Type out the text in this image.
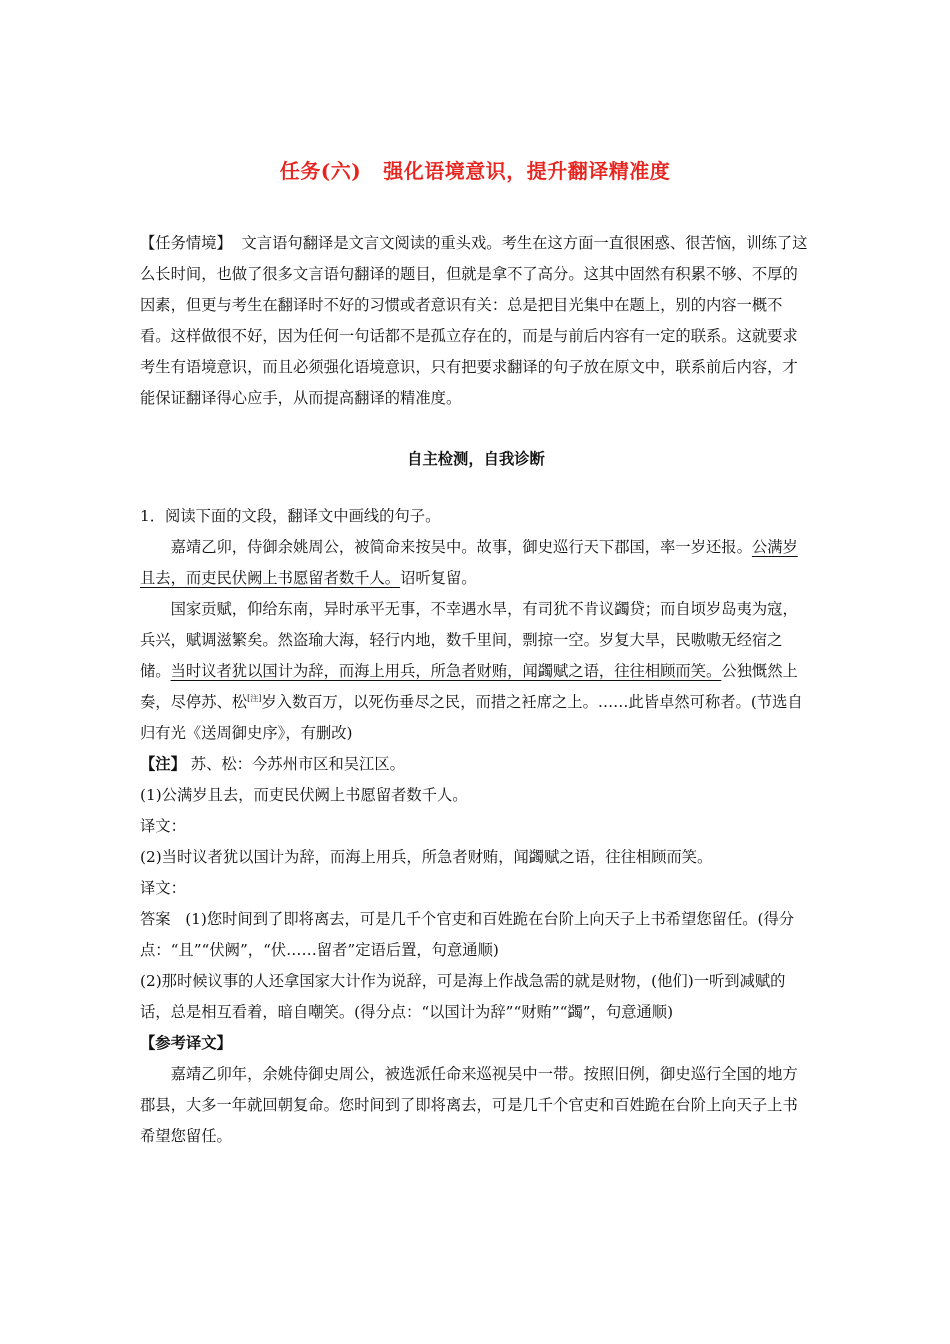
任务(六) 强化语境意识，提升翻译精准度

【任务情境】 文言语句翻译是文言文阅读的重头戏。考生在这方面一直很困惑、很苦恼，训练了这么长时间，也做了很多文言语句翻译的题目，但就是拿不了高分。这其中固然有积累不够、不厚的因素，但更与考生在翻译时不好的习惯或者意识有关：总是把目光集中在题上，别的内容一概不看。这样做很不好，因为任何一句话都不是孤立存在的，而是与前后内容有一定的联系。这就要求考生有语境意识，而且必须强化语境意识，只有把要求翻译的句子放在原文中，联系前后内容，才能保证翻译得心应手，从而提高翻译的精准度。

自主检测，自我诊断

1．阅读下面的文段，翻译文中画线的句子。

嘉靖乙卯，侍御余姚周公，被简命来按吴中。故事，御史巡行天下郡国，率一岁还报。公满岁且去，而吏民伏阙上书愿留者数千人。诏听复留。

国家贡赋，仰给东南，异时承平无事，不幸遇水旱，有司犹不肯议蠲贷；而自顷岁岛夷为寇，兵兴，赋调滋繁矣。然盗瑜大海，轻行内地，数千里间，剽掠一空。岁复大旱，民嗷嗷无经宿之储。当时议者犹以国计为辞，而海上用兵，所急者财贿，闻蠲赋之语，往往相顾而笑。公独慨然上奏，尽停苏、松[注]岁入数百万，以死伤垂尽之民，而措之衽席之上。……此皆卓然可称者。(节选自归有光《送周御史序》，有删改)

【注】 苏、松：今苏州市区和吴江区。

(1)公满岁且去，而吏民伏阙上书愿留者数千人。

译文：

(2)当时议者犹以国计为辞，而海上用兵，所急者财贿，闻蠲赋之语，往往相顾而笑。

译文：

答案 (1)您时间到了即将离去，可是几千个官吏和百姓跪在台阶上向天子上书希望您留任。(得分点：“且”“伏阙”，“伏……留者”定语后置，句意通顺)

(2)那时候议事的人还拿国家大计作为说辞，可是海上作战急需的就是财物，(他们)一听到减赋的话，总是相互看着，暗自嘲笑。(得分点：“以国计为辞”“财贿”“蠲”，句意通顺)

【参考译文】

嘉靖乙卯年，余姚侍御史周公，被选派任命来巡视吴中一带。按照旧例，御史巡行全国的地方郡县，大多一年就回朝复命。您时间到了即将离去，可是几千个官吏和百姓跪在台阶上向天子上书希望您留任。
